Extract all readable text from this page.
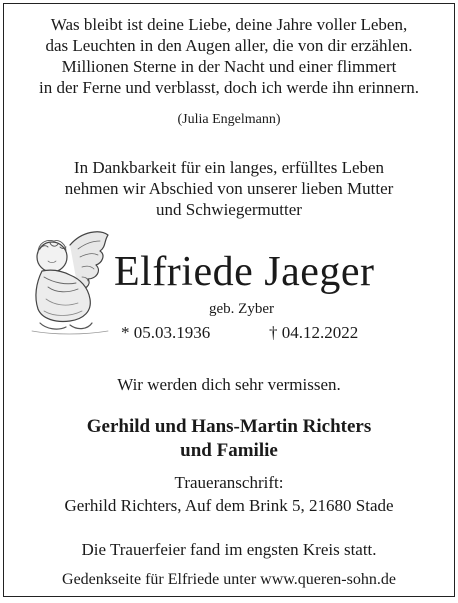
Was bleibt ist deine Liebe, deine Jahre voller Leben,
das Leuchten in den Augen aller, die von dir erzählen.
Millionen Sterne in der Nacht und einer flimmert
in der Ferne und verblasst, doch ich werde ihn erinnern.
(Julia Engelmann)
In Dankbarkeit für ein langes, erfülltes Leben
nehmen wir Abschied von unserer lieben Mutter
und Schwiegermutter
Elfriede Jaeger
geb. Zyber
* 05.03.1936	† 04.12.2022
Wir werden dich sehr vermissen.
Gerhild und Hans-Martin Richters
und Familie
Traueranschrift:
Gerhild Richters, Auf dem Brink 5, 21680 Stade
Die Trauerfeier fand im engsten Kreis statt.
Gedenkseite für Elfriede unter www.queren-sohn.de
